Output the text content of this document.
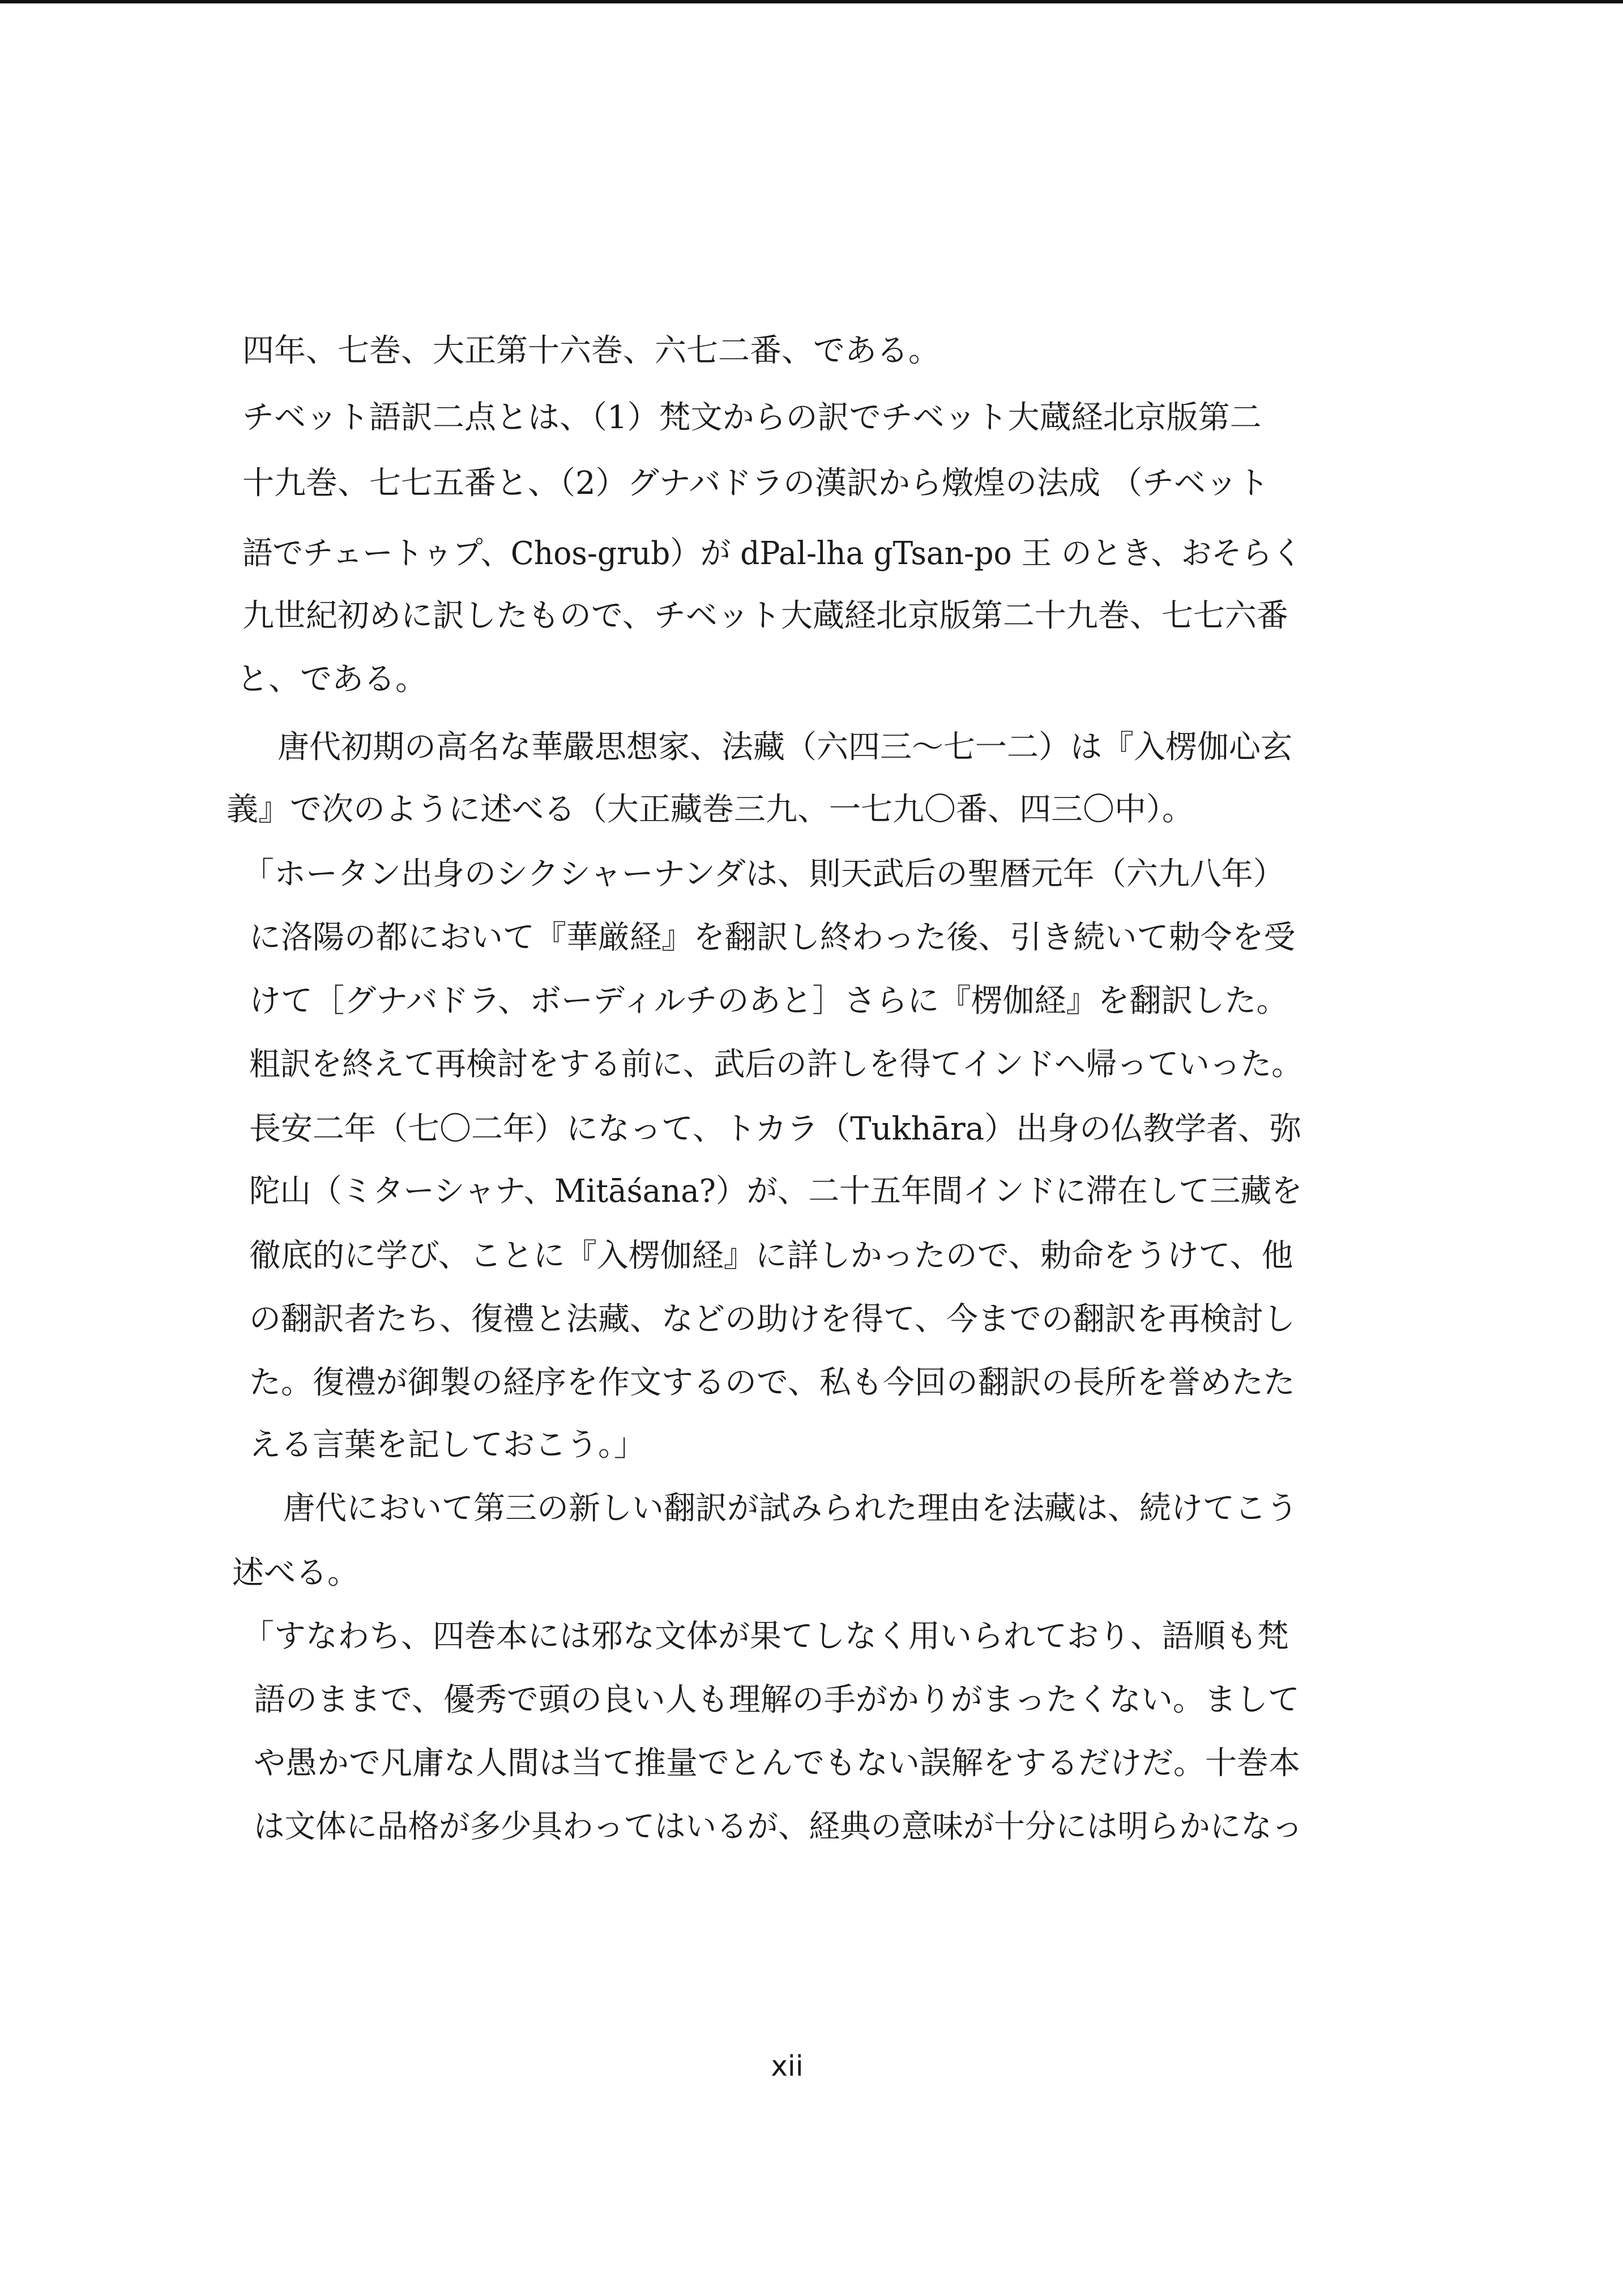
四年、七巻、大正第十六巻、六七二番、である。
チベット語訳二点とは、（1）梵文からの訳でチベット大蔵経北京版第二
十九巻、七七五番と、（2）グナバドラの漢訳から燉煌の法成 （チベット
語でチェートゥプ、Chos-grub）が dPal-lha gTsan-po 王 のとき、おそらく
九世紀初めに訳したもので、チベット大蔵経北京版第二十九巻、七七六番
と、である。
唐代初期の高名な華嚴思想家、法藏（六四三～七一二）は『入楞伽心玄
義』で次のように述べる（大正藏巻三九、一七九〇番、四三〇中）。
「ホータン出身のシクシャーナンダは、則天武后の聖暦元年（六九八年）
に洛陽の都において『華厳経』を翻訳し終わった後、引き続いて勅令を受
けて［グナバドラ、ボーディルチのあと］さらに『楞伽経』を翻訳した。
粗訳を終えて再検討をする前に、武后の許しを得てインドへ帰っていった。
長安二年（七〇二年）になって、トカラ（Tukhāra）出身の仏教学者、弥
陀山（ミターシャナ、Mitāśana?）が、二十五年間インドに滞在して三藏を
徹底的に学び、ことに『入楞伽経』に詳しかったので、勅命をうけて、他
の翻訳者たち、復禮と法藏、などの助けを得て、今までの翻訳を再検討し
た。復禮が御製の経序を作文するので、私も今回の翻訳の長所を誉めたた
える言葉を記しておこう。」
唐代において第三の新しい翻訳が試みられた理由を法藏は、続けてこう
述べる。
「すなわち、四巻本には邪な文体が果てしなく用いられており、語順も梵
語のままで、優秀で頭の良い人も理解の手がかりがまったくない。まして
や愚かで凡庸な人間は当て推量でとんでもない誤解をするだけだ。十巻本
は文体に品格が多少具わってはいるが、経典の意味が十分には明らかになっ
xii
